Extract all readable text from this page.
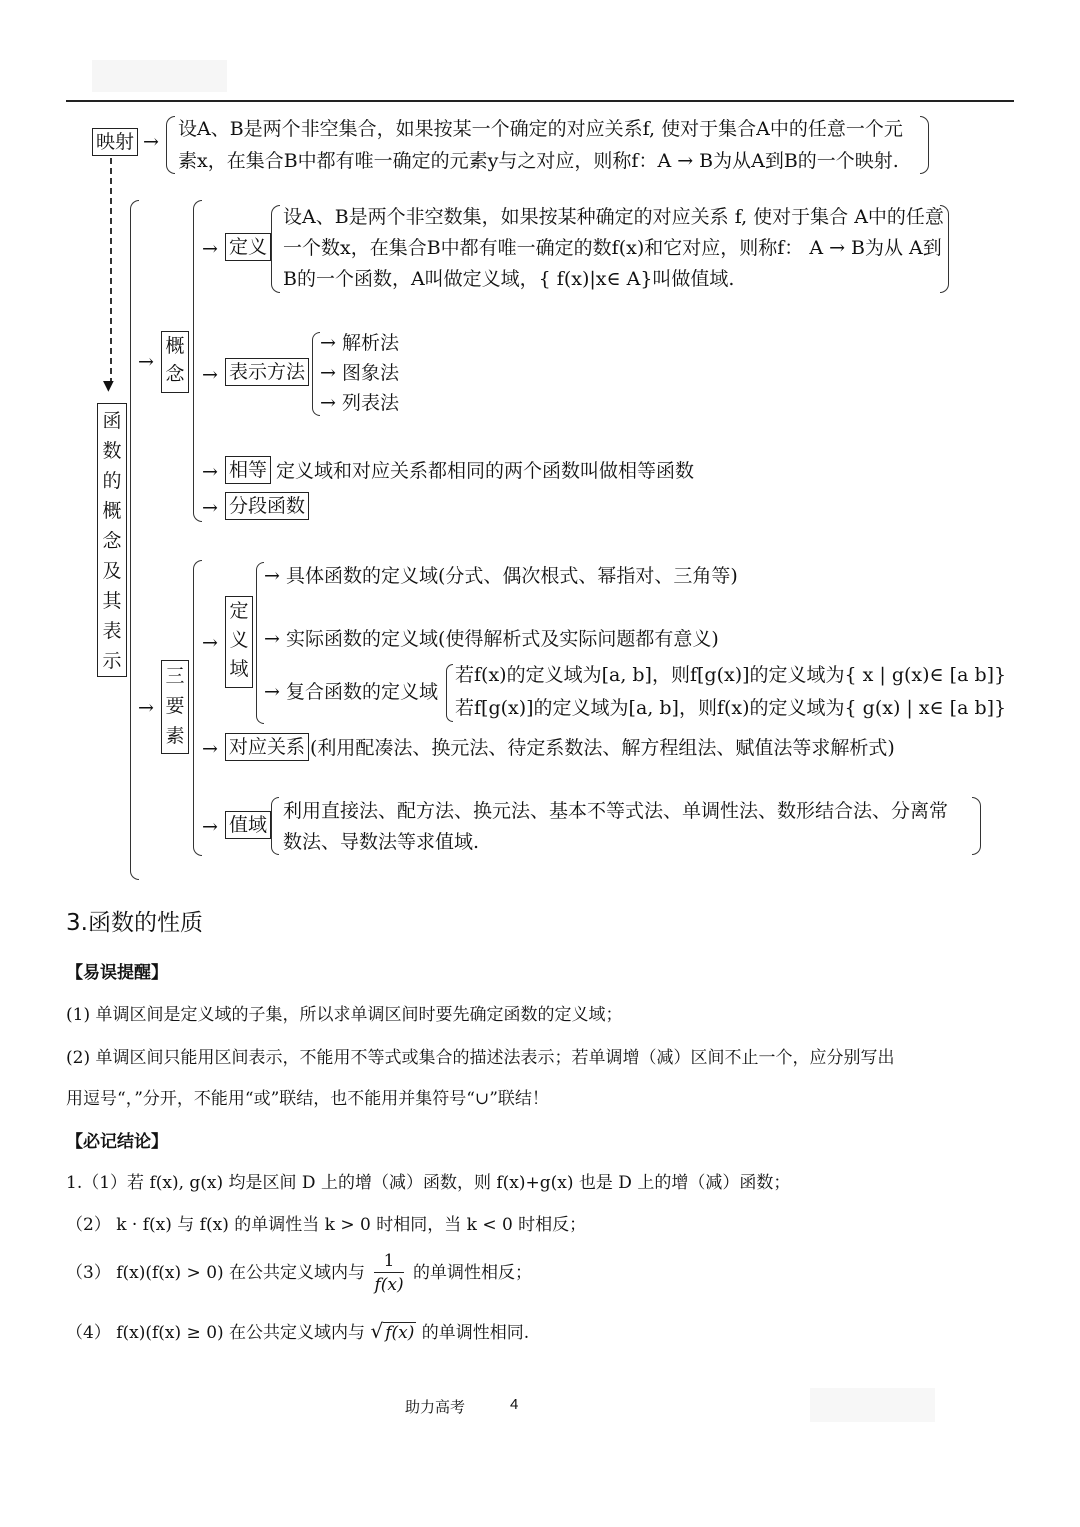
映射 →
设A、B是两个非空集合，如果按某一个确定的对应关系f, 使对于集合A中的任意一个元
素x，在集合B中都有唯一确定的元素y与之对应，则称f：A → B为从A到B的一个映射.
▼
函
数
的
概
念
及
其
表
示
→
概
念
→ 定义
设A、B是两个非空数集，如果按某种确定的对应关系 f, 使对于集合 A中的任意
一个数x，在集合B中都有唯一确定的数f(x)和它对应，则称f： A → B为从 A到
B的一个函数，A叫做定义域，{ f(x)|x∈ A}叫做值域.
→ 表示方法
→ 解析法
→ 图象法
→ 列表法
→ 相等 定义域和对应关系都相同的两个函数叫做相等函数
→ 分段函数
→
三
要
素
→
定
义
域
→ 具体函数的定义域(分式、偶次根式、幂指对、三角等)
→ 实际函数的定义域(使得解析式及实际问题都有意义)
→ 复合函数的定义域
若f(x)的定义域为[a, b]，则f[g(x)]的定义域为{ x | g(x)∈ [a b]}
若f[g(x)]的定义域为[a, b]，则f(x)的定义域为{ g(x) | x∈ [a b]}
→ 对应关系 (利用配凑法、换元法、待定系数法、解方程组法、赋值法等求解析式)
→ 值域
利用直接法、配方法、换元法、基本不等式法、单调性法、数形结合法、分离常
数法、导数法等求值域.
3.函数的性质
【易误提醒】
(1) 单调区间是定义域的子集，所以求单调区间时要先确定函数的定义域；
(2) 单调区间只能用区间表示，不能用不等式或集合的描述法表示；若单调增（减）区间不止一个，应分别写出
用逗号“，”分开，不能用“或”联结，也不能用并集符号“∪”联结！
【必记结论】
1.（1）若 f(x), g(x) 均是区间 D 上的增（减）函数，则 f(x)+g(x) 也是 D 上的增（减）函数；
（2） k · f(x) 与 f(x) 的单调性当 k > 0 时相同，当 k < 0 时相反；
（3） f(x)(f(x) > 0) 在公共定义域内与 $\frac{1}{f(x)}$ 的单调性相反；
（4） f(x)(f(x) ≥ 0) 在公共定义域内与 √ f(x) 的单调性相同.
助力高考	4
